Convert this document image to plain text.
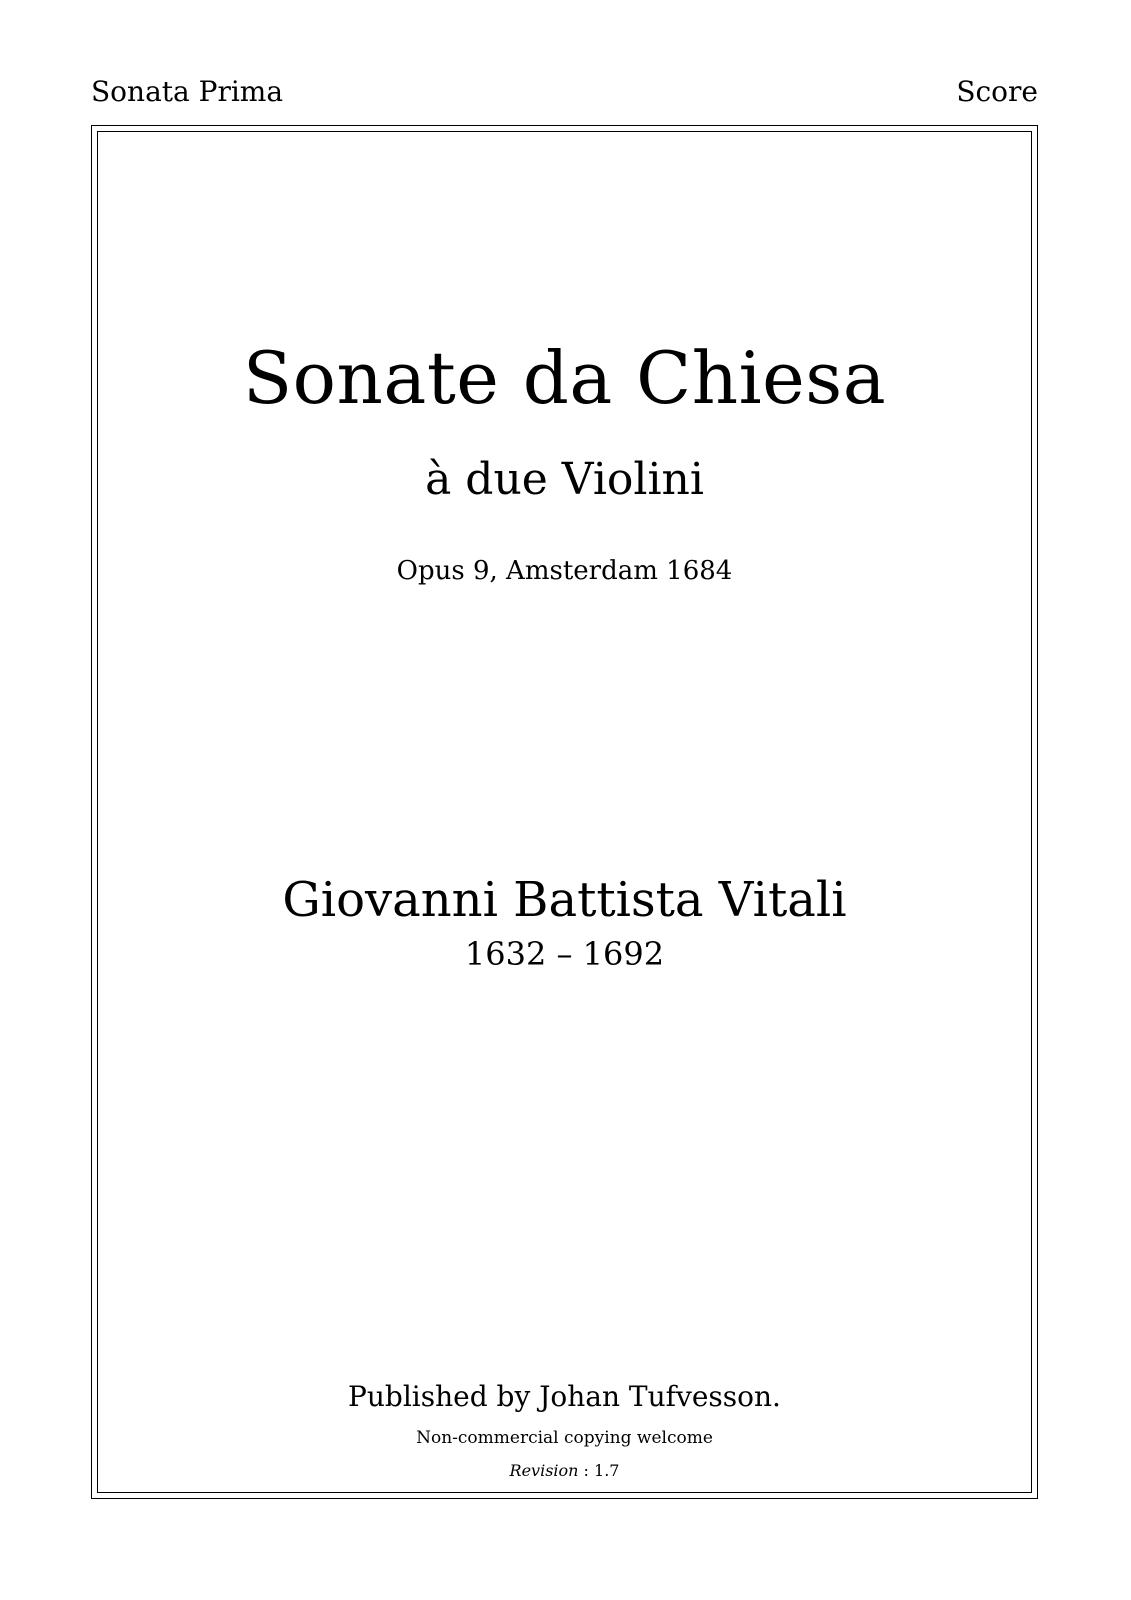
Sonata Prima	Score
Sonate da Chiesa
à due Violini
Opus 9, Amsterdam 1684
Giovanni Battista Vitali
1632 – 1692
Published by Johan Tufvesson.
Non-commercial copying welcome
Revision : 1.7
